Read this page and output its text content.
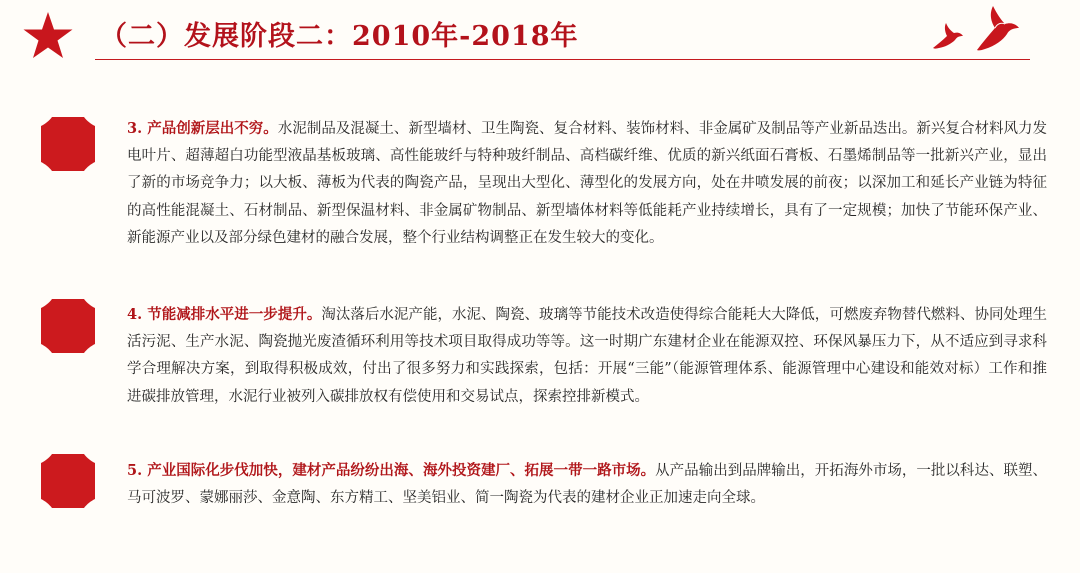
（二）发展阶段二：2010年-2018年
3. 产品创新层出不穷。水泥制品及混凝土、新型墙材、卫生陶瓷、复合材料、装饰材料、非金属矿及制品等产业新品迭出。新兴复合材料风力发电叶片、超薄超白功能型液晶基板玻璃、高性能玻纤与特种玻纤制品、高档碳纤维、优质的新兴纸面石膏板、石墨烯制品等一批新兴产业，显出了新的市场竞争力；以大板、薄板为代表的陶瓷产品，呈现出大型化、薄型化的发展方向，处在井喷发展的前夜；以深加工和延长产业链为特征的高性能混凝土、石材制品、新型保温材料、非金属矿物制品、新型墙体材料等低能耗产业持续增长，具有了一定规模；加快了节能环保产业、新能源产业以及部分绿色建材的融合发展，整个行业结构调整正在发生较大的变化。
4. 节能减排水平进一步提升。淘汰落后水泥产能，水泥、陶瓷、玻璃等节能技术改造使得综合能耗大大降低，可燃废弃物替代燃料、协同处理生活污泥、生产水泥、陶瓷抛光废渣循环利用等技术项目取得成功等等。这一时期广东建材企业在能源双控、环保风暴压力下，从不适应到寻求科学合理解决方案，到取得积极成效，付出了很多努力和实践探索，包括：开展“三能”（能源管理体系、能源管理中心建设和能效对标）工作和推进碳排放管理，水泥行业被列入碳排放权有偿使用和交易试点，探索控排新模式。
5. 产业国际化步伐加快，建材产品纷纷出海、海外投资建厂、拓展一带一路市场。从产品输出到品牌输出，开拓海外市场，一批以科达、联塑、马可波罗、蒙娜丽莎、金意陶、东方精工、坚美铝业、简一陶瓷为代表的建材企业正加速走向全球。
